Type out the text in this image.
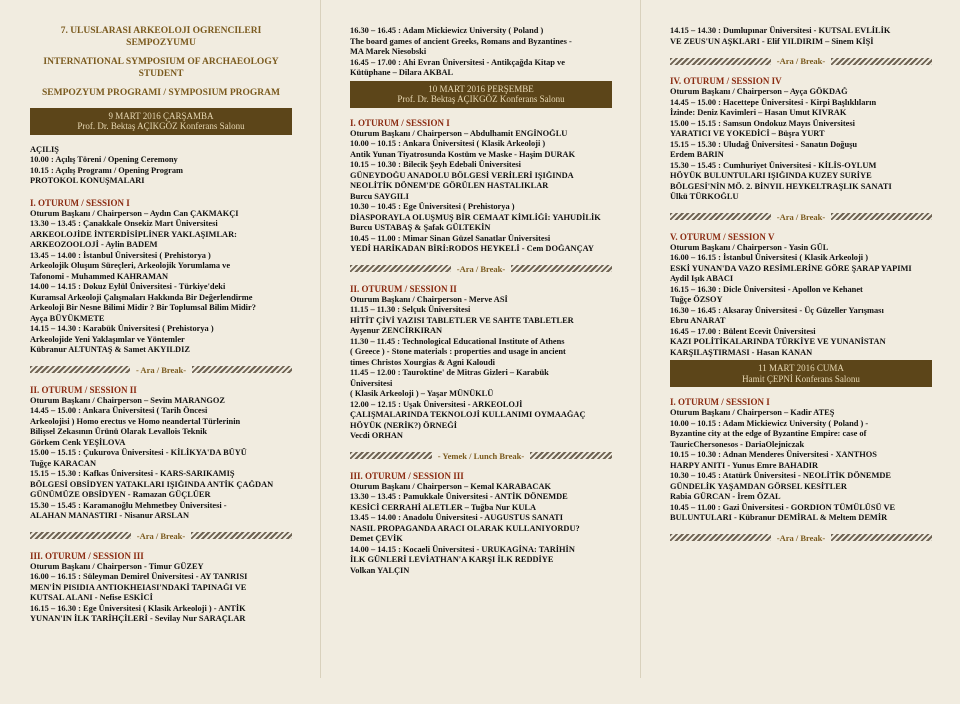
7. ULUSLARASI ARKEOLOJİ ÖĞRENCİLERİ SEMPOZYUMU
INTERNATIONAL SYMPOSIUM OF ARCHAEOLOGY STUDENT
SEMPOZYUM PROGRAMI / SYMPOSIUM PROGRAM
9 MART 2016 ÇARŞAMBA
Prof. Dr. Bektaş AÇIKGÖZ Konferans Salonu
AÇILIŞ
10.00 : Açılış Töreni / Opening Ceremony
10.15 : Açılış Programı / Opening Program
PROTOKOL KONUŞMALARI
I. OTURUM / SESSION I
Oturum Başkanı / Chairperson – Aydın Can ÇAKMAKÇI
13.30 – 13.45 : Çanakkale Onsekiz Mart Üniversitesi
ARKEOLOJİDE İNTERDİSİPLİNER YAKLAŞIMLAR:
ARKEOZOOLOJİ - Aylin BADEM
13.45 – 14.00 : İstanbul Üniversitesi ( Prehistorya )
Arkeolojik Oluşum Süreçleri, Arkeolojik Yorumlama ve
Tafonomi - Muhammed KAHRAMAN
14.00 – 14.15 : Dokuz Eylül Üniversitesi - Türkiye'deki
Kuramsal Arkeoloji Çalışmaları Hakkında Bir Değerlendirme
Arkeoloji Bir Nesne Bilimi Midir ? Bir Toplumsal Bilim Midir?
Ayça BÜYÜKMETE
14.15 – 14.30 : Karabük Üniversitesi ( Prehistorya )
Arkeolojide Yeni Yaklaşımlar ve Yöntemler
Kübranur ALTUNTAŞ & Samet AKYILDIZ
- Ara / Break-
II. OTURUM / SESSION II
Oturum Başkanı / Chairperson – Sevim MARANGOZ
14.45 – 15.00 : Ankara Üniversitesi ( Tarih Öncesi
Arkeolojisi ) Homo erectus ve Homo neandertal Türlerinin
Bilişsel Zekasının Ürünü Olarak Levallois Teknik
Görkem Cenk YEŞİLOVA
15.00 – 15.15 : Çukurova Üniversitesi - KİLİKYA'DA BÜYÜ
Tuğçe KARACAN
15.15 – 15.30 : Kafkas Üniversitesi - KARS-SARIKAMIŞ
BÖLGESİ OBSİDYEN YATAKLARI IŞIĞINDA ANTİK ÇAĞDAN
GÜNÜMÜZE OBSİDYEN - Ramazan GÜÇLÜER
15.30 – 15.45 : Karamanoğlu Mehmetbey Üniversitesi -
ALAHAN MANASTIRI - Nisanur ARSLAN
-Ara / Break-
III. OTURUM / SESSION III
Oturum Başkanı / Chairperson - Timur GÜZEY
16.00 – 16.15 : Süleyman Demirel Üniversitesi - AY TANRISI
MEN'İN PISIDIA ANTIOKHEIASI'NDAKİ TAPINAĞI VE
KUTSAL ALANI - Nefise ESKİCİ
16.15 – 16.30 : Ege Üniversitesi ( Klasik Arkeoloji ) - ANTİK
YUNAN'IN İLK TARİHÇİLERİ - Sevilay Nur SARAÇLAR
16.30 – 16.45 : Adam Mickiewicz University ( Poland )
The board games of ancient Greeks, Romans and Byzantines -
MA Marek Niesobski
16.45 – 17.00 : Ahi Evran Üniversitesi - Antikçağda Kitap ve
Kütüphane – Dilara AKBAL
10 MART 2016 PERŞEMBE
Prof. Dr. Bektaş AÇIKGÖZ Konferans Salonu
I. OTURUM / SESSION I
Oturum Başkanı / Chairperson – Abdulhamit ENGİNOĞLU
10.00 – 10.15 : Ankara Üniversitesi ( Klasik Arkeoloji )
Antik Yunan Tiyatrosunda Kostüm ve Maske - Haşim DURAK
10.15 – 10.30 : Bilecik Şeyh Edebali Üniversitesi
GÜNEYDOĞU ANADOLU BÖLGESİ VERİLERİ IŞIĞINDA
NEOLİTİK DÖNEM'DE GÖRÜLEN HASTALIKLAR
Burcu SAYGILI
10.30 – 10.45 : Ege Üniversitesi ( Prehistorya )
DİASPORAYLA OLUŞMUŞ BİR CEMAAT KİMLİĞİ: YAHUDİLİK
Burcu USTABAŞ & Şafak GÜLTEKİN
10.45 – 11.00 : Mimar Sinan Güzel Sanatlar Üniversitesi
YEDİ HARİKADAN BİRİ:RODOS HEYKELİ - Cem DOĞANÇAY
-Ara / Break-
II. OTURUM / SESSION II
Oturum Başkanı / Chairperson - Merve ASİ
11.15 – 11.30 : Selçuk Üniversitesi
HİTİT ÇİVİ YAZISI TABLETLER VE SAHTE TABLETLER
Ayşenur ZENCİRKIRAN
11.30 – 11.45 : Technological Educational Institute of Athens
( Greece ) - Stone materials : properties and usage in ancient
times Christos Xourgias & Agni Kaloudi
11.45 – 12.00 : Tauroktine' de Mitras Gizleri – Karabük
Üniversitesi
( Klasik Arkeoloji ) – Yaşar MÜNÜKLÜ
12.00 – 12.15 : Uşak Üniversitesi - ARKEOLOJİ
ÇALIŞMALARINDA TEKNOLOJİ KULLANIMI OYMAAĞAÇ
HÖYÜK (NERİK?) ÖRNEĞİ
Vecdi ORHAN
- Yemek / Lunch Break-
III. OTURUM / SESSION III
Oturum Başkanı / Chairperson – Kemal KARABACAK
13.30 – 13.45 : Pamukkale Üniversitesi - ANTİK DÖNEMDE
KESİCİ CERRAHİ ALETLER – Tuğba Nur KULA
13.45 – 14.00 : Anadolu Üniversitesi - AUGUSTUS SANATI
NASIL PROPAGANDA ARACI OLARAK KULLANIYORDU?
Demet ÇEVİK
14.00 – 14.15 : Kocaeli Üniversitesi - URUKAGİNA: TARİHİN
İLK GÜNLERİ LEVİATHAN'A KARŞI İLK REDDİYE
Volkan YALÇIN
14.15 – 14.30 : Dumlupınar Üniversitesi - KUTSAL EVLİLİK
VE ZEUS'UN AŞKLARI - Elif YILDIRIM – Sinem KİŞİ
-Ara / Break-
IV. OTURUM / SESSION IV
Oturum Başkanı / Chairperson – Ayça GÖKDAĞ
14.45 – 15.00 : Hacettepe Üniversitesi - Kirpi Başlıklıların
İzinde: Deniz Kavimleri – Hasan Umut KIVRAK
15.00 – 15.15 : Samsun Ondokuz Mayıs Üniversitesi
YARATICI VE YOKEDİCİ – Büşra YURT
15.15 – 15.30 : Uludağ Üniversitesi - Sanatın Doğuşu
Erdem BARIN
15.30 – 15.45 : Cumhuriyet Üniversitesi - KİLİS-OYLUM
HÖYÜK BULUNTULARI IŞIĞINDA KUZEY SURİYE
BÖLGESİ'NİN MÖ. 2. BİNYIL HEYKELTRAŞLIK SANATI
Ülkü TÜRKOĞLU
-Ara / Break-
V. OTURUM / SESSION V
Oturum Başkanı / Chairperson - Yasin GÜL
16.00 – 16.15 : İstanbul Üniversitesi ( Klasik Arkeoloji )
ESKİ YUNAN'DA VAZO RESİMLERİNE GÖRE ŞARAP YAPIMI
Aydil Işık ABACI
16.15 – 16.30 : Dicle Üniversitesi - Apollon ve Kehanet
Tuğçe ÖZSOY
16.30 – 16.45 : Aksaray Üniversitesi - Üç Güzeller Yarışması
Ebru ANARAT
16.45 – 17.00 : Bülent Ecevit Üniversitesi
KAZI POLİTİKALARINDA TÜRKİYE VE YUNANİSTAN
KARŞILAŞTIRMASI - Hasan KANAN
11 MART 2016 CUMA
Hamit ÇEPNİ Konferans Salonu
I. OTURUM / SESSION I
Oturum Başkanı / Chairperson – Kadir ATEŞ
10.00 – 10.15 : Adam Mickiewicz University ( Poland ) -
Byzantine city at the edge of Byzantine Empire: case of
TauricChersonesos - DariaOlejniczak
10.15 – 10.30 : Adnan Menderes Üniversitesi - XANTHOS
HARPY ANITI - Yunus Emre BAHADIR
10.30 – 10.45 : Atatürk Üniversitesi - NEOLİTİK DÖNEMDE
GÜNDELİK YAŞAMDAN GÖRSEL KESİTLER
Rabia GÜRCAN - İrem ÖZAL
10.45 – 11.00 : Gazi Üniversitesi - GORDION TÜMÜLÜSÜ VE
BULUNTULARI - Kübranur DEMİRAL & Meltem DEMİR
-Ara / Break-
